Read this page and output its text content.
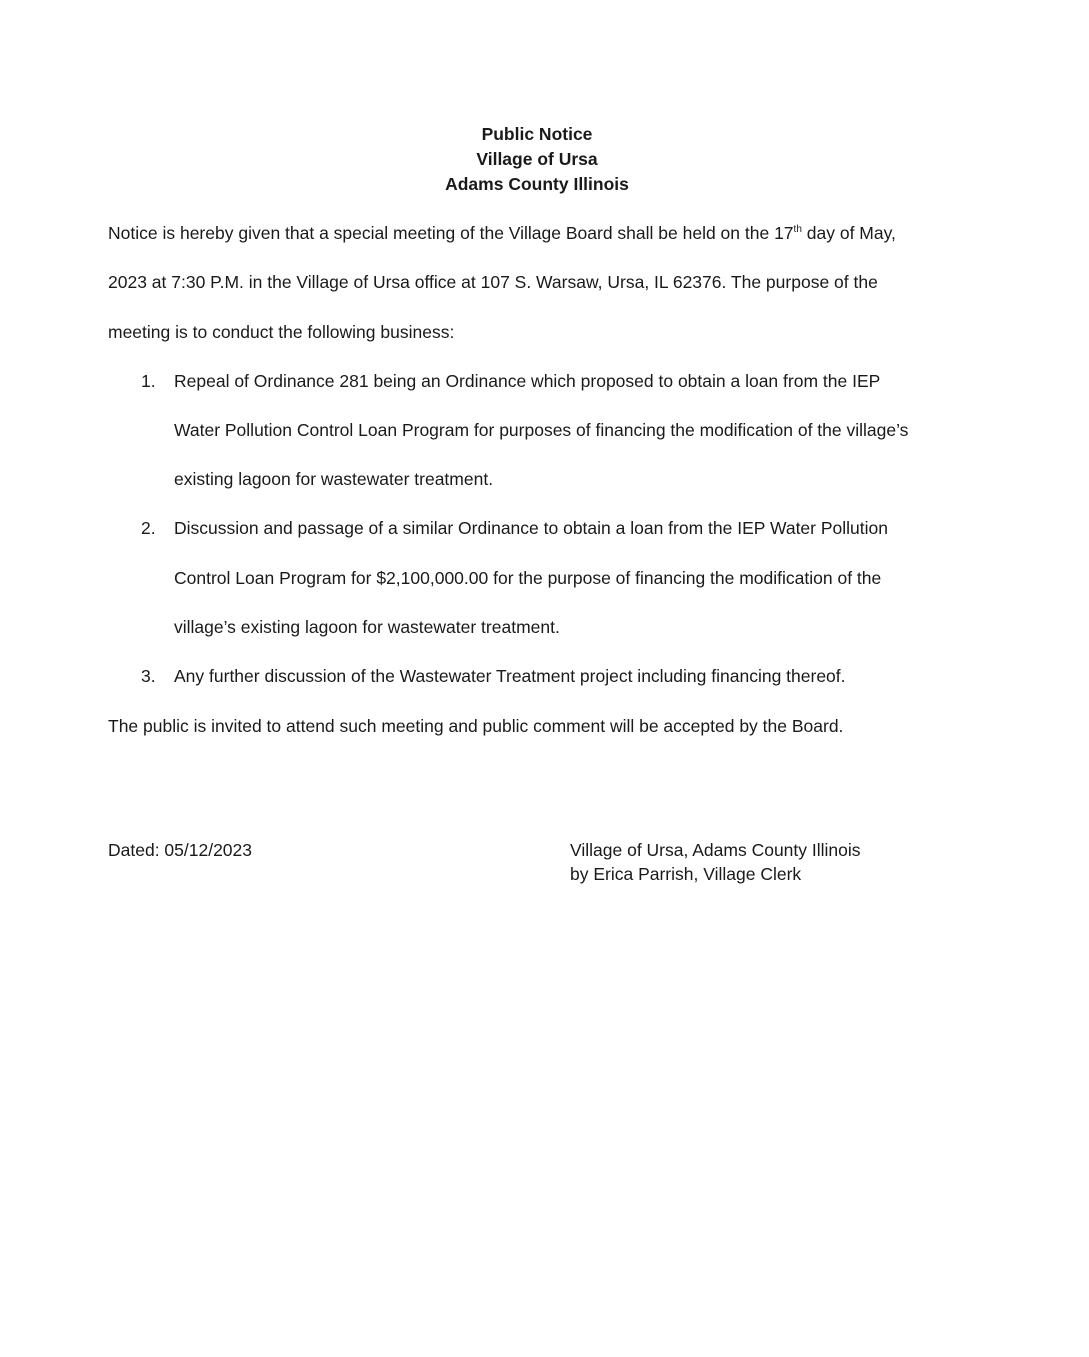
Public Notice
Village of Ursa
Adams County Illinois
Notice is hereby given that a special meeting of the Village Board shall be held on the 17th day of May,
2023 at 7:30 P.M. in the Village of Ursa office at 107 S. Warsaw, Ursa, IL 62376. The purpose of the
meeting is to conduct the following business:
1. Repeal of Ordinance 281 being an Ordinance which proposed to obtain a loan from the IEP
Water Pollution Control Loan Program for purposes of financing the modification of the village’s
existing lagoon for wastewater treatment.
2. Discussion and passage of a similar Ordinance to obtain a loan from the IEP Water Pollution
Control Loan Program for $2,100,000.00 for the purpose of financing the modification of the
village’s existing lagoon for wastewater treatment.
3. Any further discussion of the Wastewater Treatment project including financing thereof.
The public is invited to attend such meeting and public comment will be accepted by the Board.
Dated: 05/12/2023	Village of Ursa, Adams County Illinois
by Erica Parrish, Village Clerk
